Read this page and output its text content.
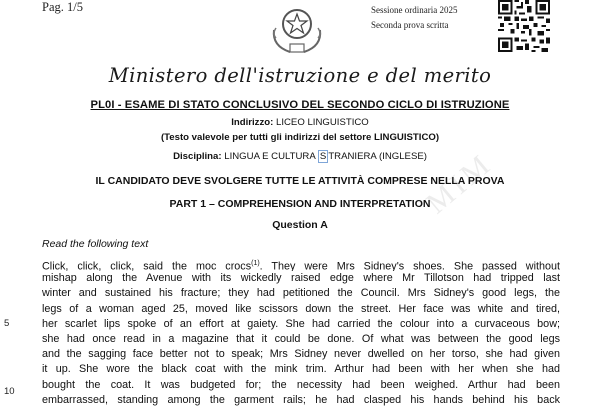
Pag. 1/5	Sessione ordinaria 2025
Seconda prova scritta
Ministero dell'istruzione e del merito
PL0I - ESAME DI STATO CONCLUSIVO DEL SECONDO CICLO DI ISTRUZIONE
Indirizzo: LICEO LINGUISTICO
(Testo valevole per tutti gli indirizzi del settore LINGUISTICO)
Disciplina: LINGUA E CULTURA S TRANIERA (INGLESE)
IL CANDIDATO DEVE SVOLGERE TUTTE LE ATTIVITÀ COMPRESE NELLA PROVA
PART 1 – COMPREHENSION AND INTERPRETATION
Question A
MIM
Read the following text
Click, click, click, said the moc crocs$^{(1)}$. They were Mrs Sidney's shoes. She passed without
mishap along the Avenue with its wickedly raised edge where Mr Tillotson had tripped last
winter and sustained his fracture; they had petitioned the Council. Mrs Sidney's good legs, the
legs of a woman aged 25, moved like scissors down the street. Her face was white and tired,
her scarlet lips spoke of an effort at gaiety. She had carried the colour into a curvaceous bow;
she had once read in a magazine that it could be done. Of what was between the good legs
and the sagging face better not to speak; Mrs Sidney never dwelled on her torso, she had given
it up. She wore the black coat with the mink trim. Arthur had been with her when she had
bought the coat. It was budgeted for; the necessity had been weighed. Arthur had been
embarrassed, standing among the garment rails; he had clasped his hands behind his back
5
10
